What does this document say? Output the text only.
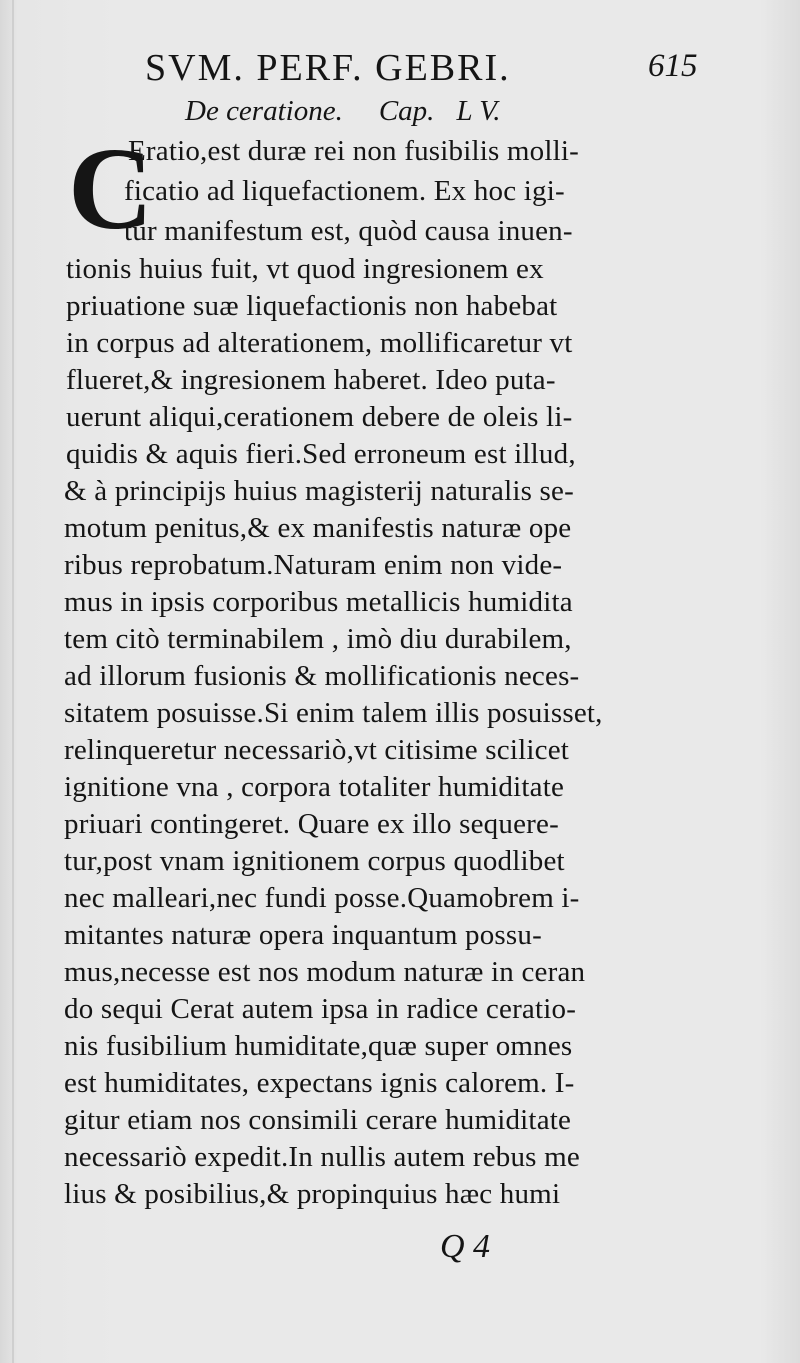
SVM. PERF. GEBRI.	615
De ceratione. Cap. L V.
C
Eratio,est duræ rei non fusibilis molli-
ficatio ad liquefactionem. Ex hoc igi-
tur manifestum est, quòd causa inuen-
tionis huius fuit, vt quod ingresionem ex
priuatione suæ liquefactionis non habebat
in corpus ad alterationem, mollificaretur vt
flueret,& ingresionem haberet. Ideo puta-
uerunt aliqui,cerationem debere de oleis li-
quidis & aquis fieri.Sed erroneum est illud,
& à principijs huius magisterij naturalis se-
motum penitus,& ex manifestis naturæ ope
ribus reprobatum.Naturam enim non vide-
mus in ipsis corporibus metallicis humidita
tem citò terminabilem , imò diu durabilem,
ad illorum fusionis & mollificationis neces-
sitatem posuisse.Si enim talem illis posuisset,
relinqueretur necessariò,vt citisime scilicet
ignitione vna , corpora totaliter humiditate
priuari contingeret. Quare ex illo sequere-
tur,post vnam ignitionem corpus quodlibet
nec malleari,nec fundi posse.Quamobrem i-
mitantes naturæ opera inquantum possu-
mus,necesse est nos modum naturæ in ceran
do sequi Cerat autem ipsa in radice ceratio-
nis fusibilium humiditate,quæ super omnes
est humiditates, expectans ignis calorem. I-
gitur etiam nos consimili cerare humiditate
necessariò expedit.In nullis autem rebus me
lius & posibilius,& propinquius hæc humi
Q 4
